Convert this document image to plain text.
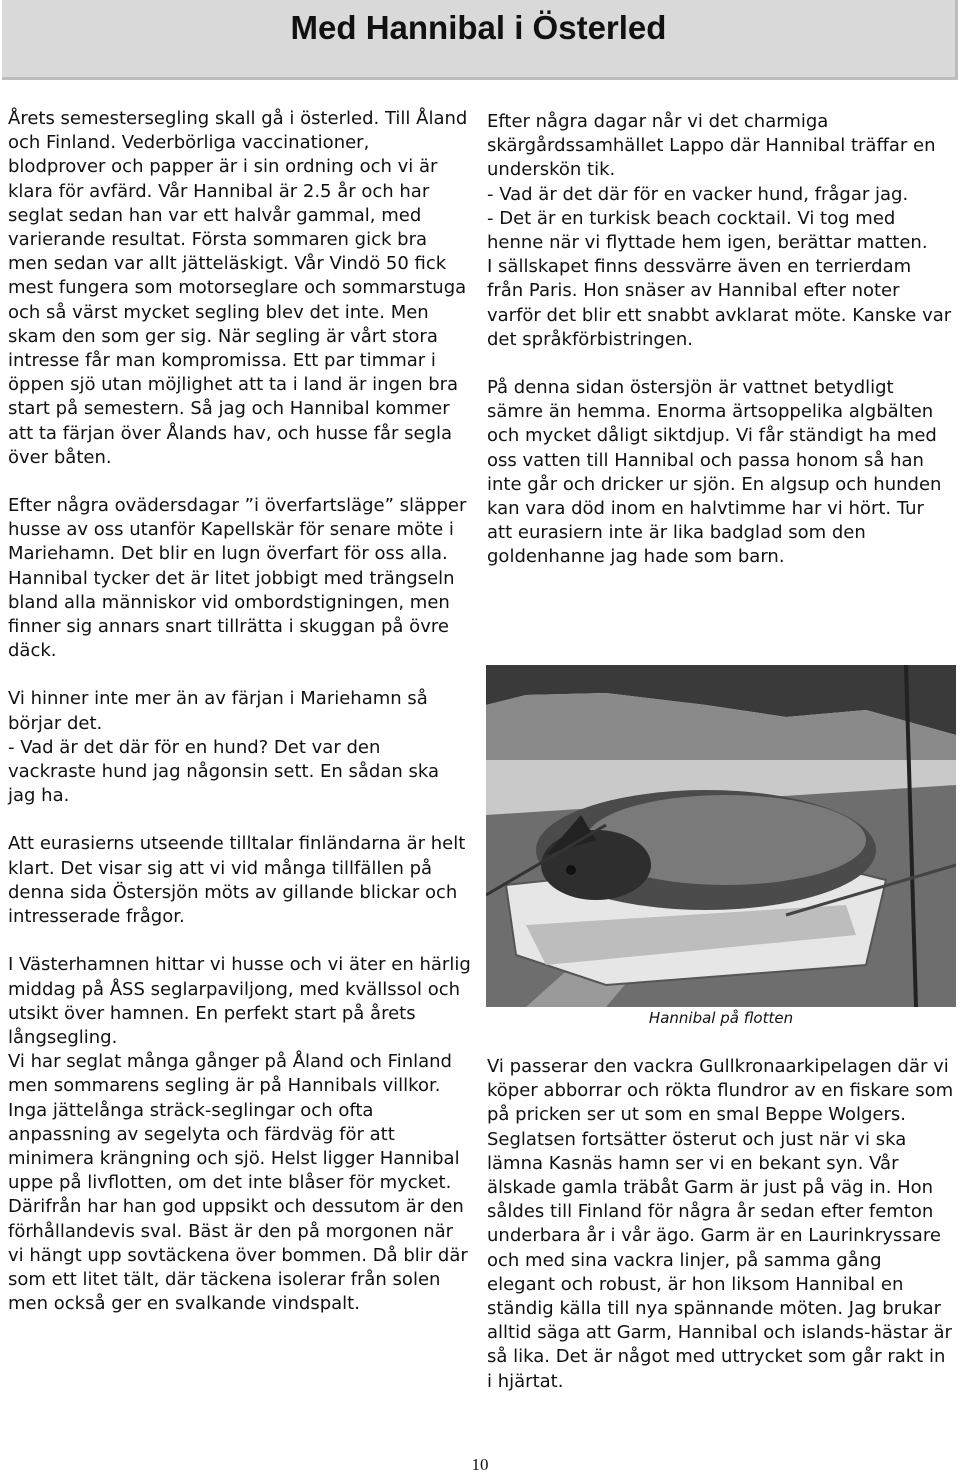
Med Hannibal i Österled

Årets semestersegling skall gå i österled. Till Åland och Finland. Vederbörliga vaccinationer, blodprover och papper är i sin ordning och vi är klara för avfärd. Vår Hannibal är 2.5 år och har seglat sedan han var ett halvår gammal, med varierande resultat. Första sommaren gick bra men sedan var allt jätteläskigt. Vår Vindö 50 fick mest fungera som motorseglare och sommarstuga och så värst mycket segling blev det inte. Men skam den som ger sig. När segling är vårt stora intresse får man kompromissa. Ett par timmar i öppen sjö utan möjlighet att ta i land är ingen bra start på semestern. Så jag och Hannibal kommer att ta färjan över Ålands hav, och husse får segla över båten.

Efter några ovädersdagar ”i överfartsläge” släpper husse av oss utanför Kapellskär för senare möte i Mariehamn. Det blir en lugn överfart för oss alla. Hannibal tycker det är litet jobbigt med trängseln bland alla människor vid ombordstigningen, men finner sig annars snart tillrätta i skuggan på övre däck.

Vi hinner inte mer än av färjan i Mariehamn så börjar det.
- Vad är det där för en hund? Det var den vackraste hund jag någonsin sett. En sådan ska jag ha.

Att eurasierns utseende tilltalar finländarna är helt klart. Det visar sig att vi vid många tillfällen på denna sida Östersjön möts av gillande blickar och intresserade frågor.

I Västerhamnen hittar vi husse och vi äter en härlig middag på ÅSS seglarpaviljong, med kvällssol och utsikt över hamnen. En perfekt start på årets långsegling.
Vi har seglat många gånger på Åland och Finland men sommarens segling är på Hannibals villkor. Inga jättelånga sträck-seglingar och ofta anpassning av segelyta och färdväg för att minimera krängning och sjö. Helst ligger Hannibal uppe på livflotten, om det inte blåser för mycket. Därifrån har han god uppsikt och dessutom är den förhållandevis sval. Bäst är den på morgonen när vi hängt upp sovtäckena över bommen. Då blir där som ett litet tält, där täckena isolerar från solen men också ger en svalkande vindspalt.

Efter några dagar når vi det charmiga skärgårdssamhället Lappo där Hannibal träffar en underskön tik.
- Vad är det där för en vacker hund, frågar jag.
- Det är en turkisk beach cocktail. Vi tog med henne när vi flyttade hem igen, berättar matten.
I sällskapet finns dessvärre även en terrierdam från Paris. Hon snäser av Hannibal efter noter varför det blir ett snabbt avklarat möte. Kanske var det språkförbistringen.

På denna sidan östersjön är vattnet betydligt sämre än hemma. Enorma ärtsoppelika algbälten och mycket dåligt siktdjup. Vi får ständigt ha med oss vatten till Hannibal och passa honom så han inte går och dricker ur sjön. En algsup och hunden kan vara död inom en halvtimme har vi hört. Tur att eurasiern inte är lika badglad som den goldenhanne jag hade som barn.

Hannibal på flotten

Vi passerar den vackra Gullkronaarkipelagen där vi köper abborrar och rökta flundror av en fiskare som på pricken ser ut som en smal Beppe Wolgers. Seglatsen fortsätter österut och just när vi ska lämna Kasnäs hamn ser vi en bekant syn. Vår älskade gamla träbåt Garm är just på väg in. Hon såldes till Finland för några år sedan efter femton underbara år i vår ägo. Garm är en Laurinkryssare och med sina vackra linjer, på samma gång elegant och robust, är hon liksom Hannibal en ständig källa till nya spännande möten. Jag brukar alltid säga att Garm, Hannibal och islands-hästar är så lika. Det är något med uttrycket som går rakt in i hjärtat.

10
